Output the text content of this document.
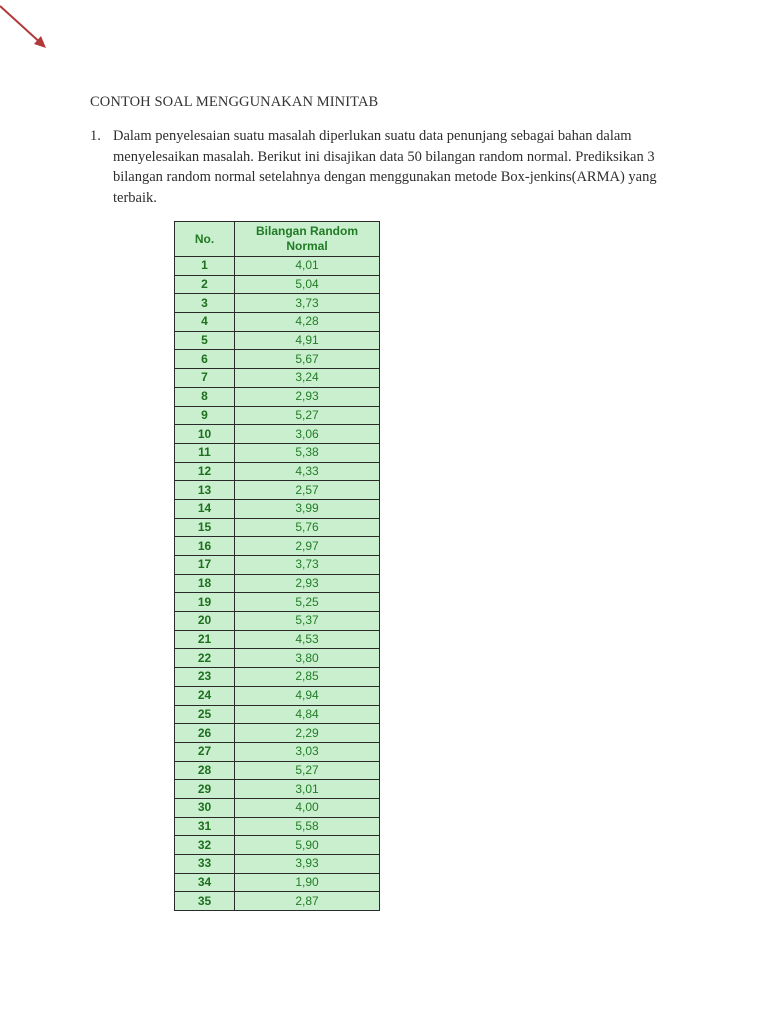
CONTOH SOAL MENGGUNAKAN MINITAB
1. Dalam penyelesaian suatu masalah diperlukan suatu data penunjang sebagai bahan dalam menyelesaikan masalah. Berikut ini disajikan data 50 bilangan random normal. Prediksikan 3 bilangan random normal setelahnya dengan menggunakan metode Box-jenkins(ARMA) yang terbaik.
No.	Bilangan Random Normal
1	4,01
2	5,04
3	3,73
4	4,28
5	4,91
6	5,67
7	3,24
8	2,93
9	5,27
10	3,06
11	5,38
12	4,33
13	2,57
14	3,99
15	5,76
16	2,97
17	3,73
18	2,93
19	5,25
20	5,37
21	4,53
22	3,80
23	2,85
24	4,94
25	4,84
26	2,29
27	3,03
28	5,27
29	3,01
30	4,00
31	5,58
32	5,90
33	3,93
34	1,90
35	2,87
